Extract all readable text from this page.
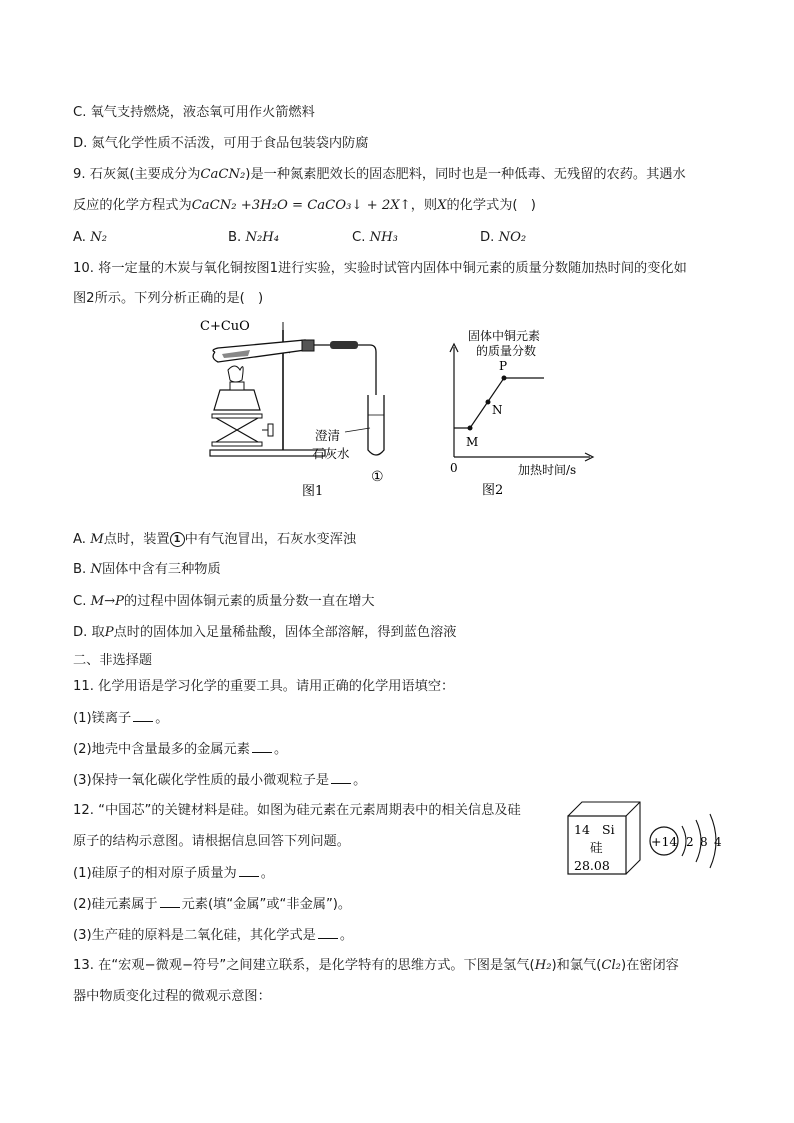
C. 氧气支持燃烧，液态氧可用作火箭燃料
D. 氮气化学性质不活泼，可用于食品包装袋内防腐
9. 石灰氮(主要成分为CaCN₂)是一种氮素肥效长的固态肥料，同时也是一种低毒、无残留的农药。其遇水
反应的化学方程式为CaCN₂ +3H₂O = CaCO₃↓ + 2X↑，则X的化学式为(　)
A. N₂	B. N₂H₄	C. NH₃	D. NO₂
10. 将一定量的木炭与氧化铜按图1进行实验，实验时试管内固体中铜元素的质量分数随加热时间的变化如
图2所示。下列分析正确的是(　)
C+CuO
澄清
石灰水
①
图1
固体中铜元素
的质量分数
M
N
P
0	加热时间/s
图2
A. M点时，装置 1 中有气泡冒出，石灰水变浑浊
B. N固体中含有三种物质
C. M→P的过程中固体铜元素的质量分数一直在增大
D. 取P点时的固体加入足量稀盐酸，固体全部溶解，得到蓝色溶液
二、非选择题
11. 化学用语是学习化学的重要工具。请用正确的化学用语填空：
(1)镁离子 。
(2)地壳中含量最多的金属元素 。
(3)保持一氧化碳化学性质的最小微观粒子是 。
12. “中国芯”的关键材料是硅。如图为硅元素在元素周期表中的相关信息及硅
原子的结构示意图。请根据信息回答下列问题。
(1)硅原子的相对原子质量为 。
(2)硅元素属于 元素(填“金属”或“非金属”)。
(3)生产硅的原料是二氧化硅，其化学式是 。
14 Si
硅
28.08
+14 2 8 4
13. 在“宏观−微观−符号”之间建立联系，是化学特有的思维方式。下图是氢气(H₂)和氯气(Cl₂)在密闭容
器中物质变化过程的微观示意图：
